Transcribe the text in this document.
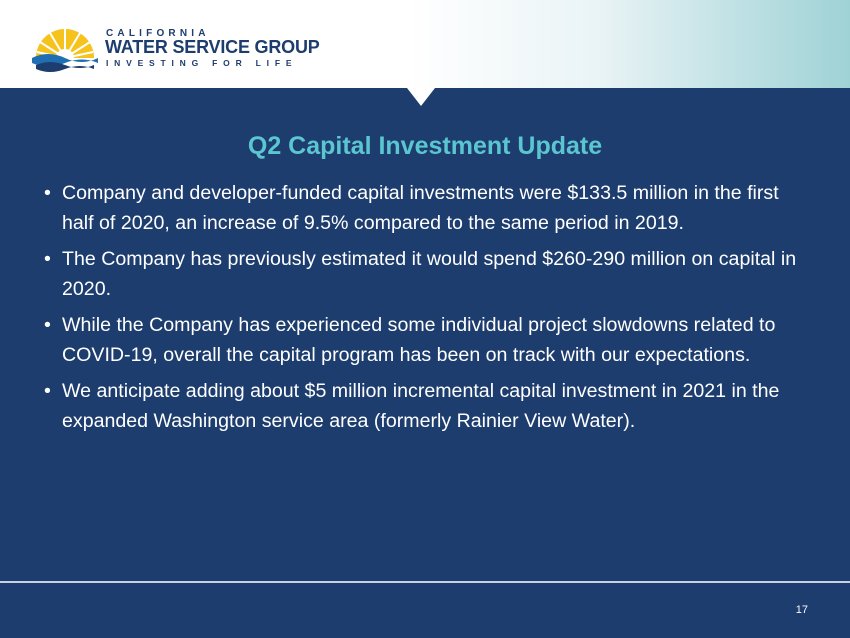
CALIFORNIA
WATER SERVICE GROUP
INVESTING FOR LIFE
Q2 Capital Investment Update
• Company and developer-funded capital investments were $133.5 million in the first half of 2020, an increase of 9.5% compared to the same period in 2019.
• The Company has previously estimated it would spend $260-290 million on capital in 2020.
• While the Company has experienced some individual project slowdowns related to COVID-19, overall the capital program has been on track with our expectations.
• We anticipate adding about $5 million incremental capital investment in 2021 in the expanded Washington service area (formerly Rainier View Water).
17
